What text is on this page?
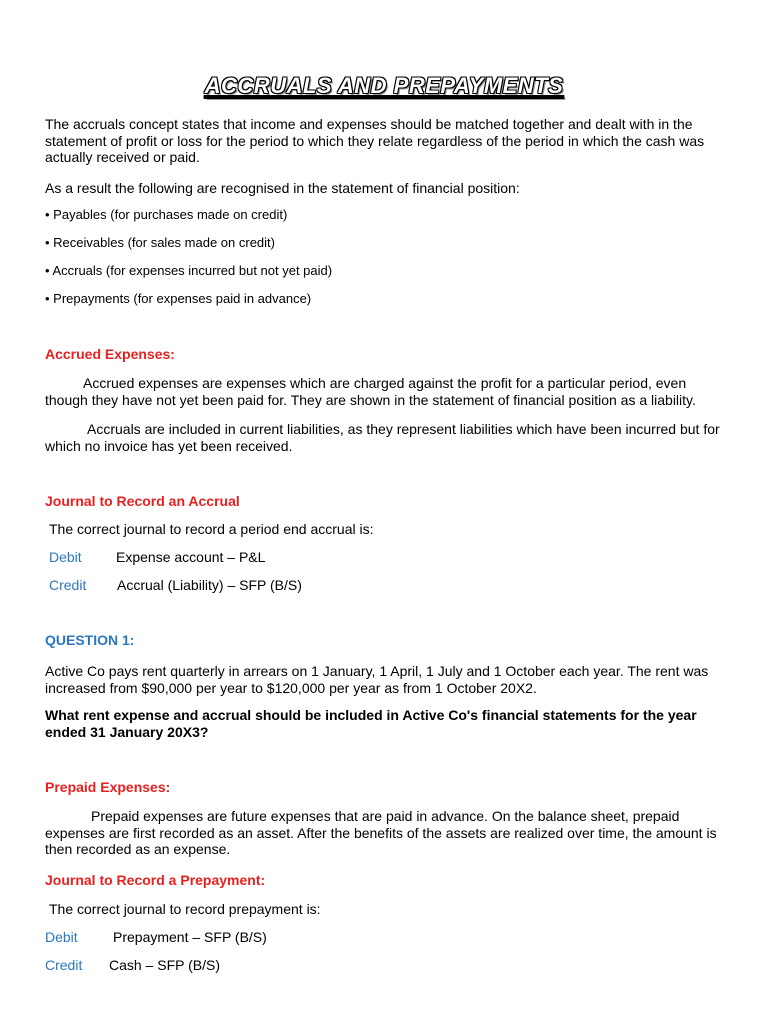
ACCRUALS AND PREPAYMENTS

The accruals concept states that income and expenses should be matched together and dealt with in the statement of profit or loss for the period to which they relate regardless of the period in which the cash was actually received or paid.

As a result the following are recognised in the statement of financial position:

• Payables (for purchases made on credit)

• Receivables (for sales made on credit)

• Accruals (for expenses incurred but not yet paid)

• Prepayments (for expenses paid in advance)

Accrued Expenses:

Accrued expenses are expenses which are charged against the profit for a particular period, even though they have not yet been paid for. They are shown in the statement of financial position as a liability.

Accruals are included in current liabilities, as they represent liabilities which have been incurred but for which no invoice has yet been received.

Journal to Record an Accrual

The correct journal to record a period end accrual is:

Debit Expense account – P&L
Credit Accrual (Liability) – SFP (B/S)

QUESTION 1:

Active Co pays rent quarterly in arrears on 1 January, 1 April, 1 July and 1 October each year. The rent was increased from $90,000 per year to $120,000 per year as from 1 October 20X2.

What rent expense and accrual should be included in Active Co's financial statements for the year ended 31 January 20X3?

Prepaid Expenses:

Prepaid expenses are future expenses that are paid in advance. On the balance sheet, prepaid expenses are first recorded as an asset. After the benefits of the assets are realized over time, the amount is then recorded as an expense.

Journal to Record a Prepayment:

The correct journal to record prepayment is:

Debit	Prepayment – SFP (B/S)
Credit Cash – SFP (B/S)
